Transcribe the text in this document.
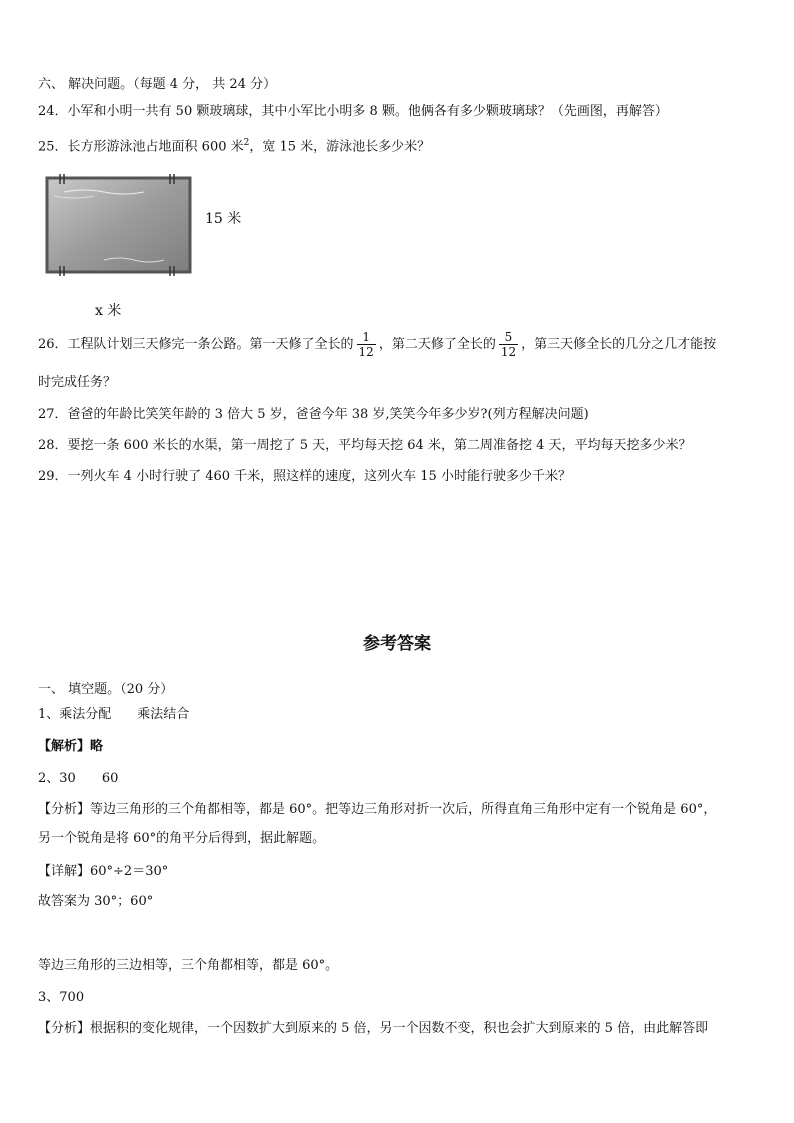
六、 解决问题。（每题 4 分， 共 24 分）
24．小军和小明一共有 50 颗玻璃球，其中小军比小明多 8 颗。他俩各有多少颗玻璃球？（先画图，再解答）
25．长方形游泳池占地面积 600 米$^2$，宽 15 米，游泳池长多少米？
15 米
x 米
26．工程队计划三天修完一条公路。第一天修了全长的 $\frac{1}{12}$ ，第二天修了全长的 $\frac{5}{12}$ ，第三天修全长的几分之几才能按
时完成任务？
27．爸爸的年龄比笑笑年龄的 3 倍大 5 岁，爸爸今年 38 岁,笑笑今年多少岁?(列方程解决问题)
28．要挖一条 600 米长的水渠，第一周挖了 5 天，平均每天挖 64 米，第二周准备挖 4 天，平均每天挖多少米？
29．一列火车 4 小时行驶了 460 千米，照这样的速度，这列火车 15 小时能行驶多少千米？
参考答案
一、 填空题。（20 分）
1、乘法分配　　乘法结合
【解析】略
2、30　　60
【分析】等边三角形的三个角都相等，都是 60°。把等边三角形对折一次后，所得直角三角形中定有一个锐角是 60°，
另一个锐角是将 60°的角平分后得到，据此解题。
【详解】60°÷2＝30°
故答案为 30°；60°
等边三角形的三边相等，三个角都相等，都是 60°。
3、700
【分析】根据积的变化规律，一个因数扩大到原来的 5 倍，另一个因数不变，积也会扩大到原来的 5 倍，由此解答即
